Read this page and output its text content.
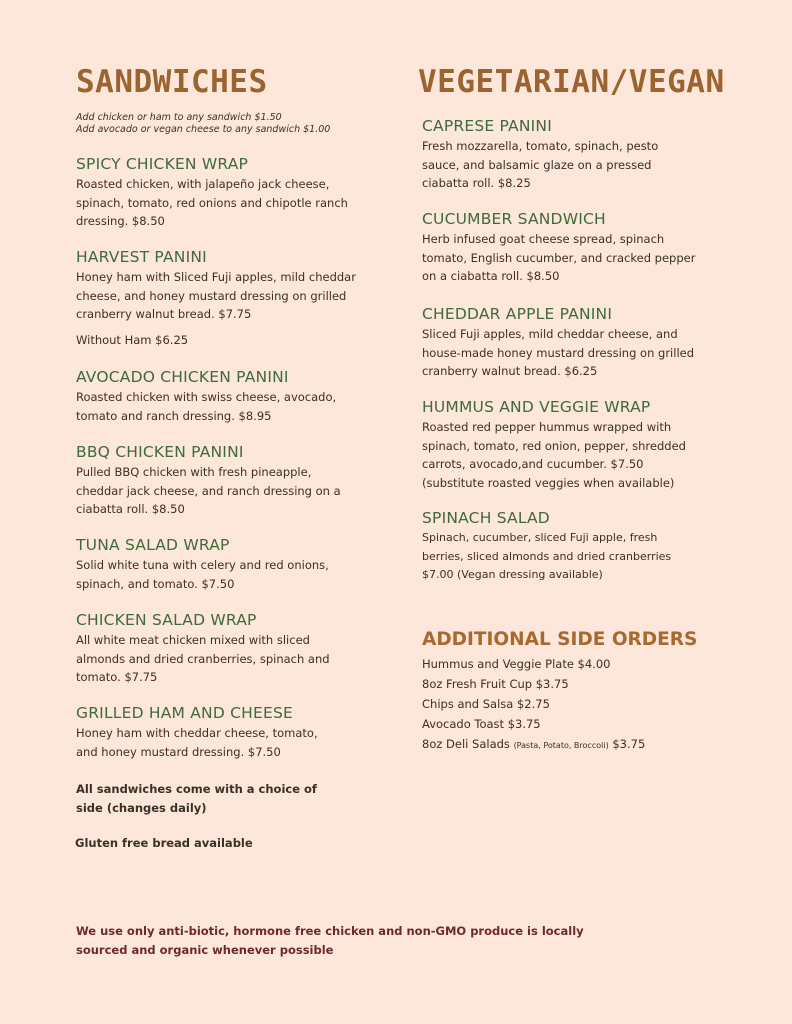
SANDWICHES
Add chicken or ham to any sandwich $1.50
Add avocado or vegan cheese to any sandwich $1.00
SPICY CHICKEN WRAP

Roasted chicken, with jalapeño jack cheese, spinach, tomato, red onions and chipotle ranch dressing. $8.50

HARVEST PANINI

Honey ham with Sliced Fuji apples, mild cheddar cheese, and honey mustard dressing on grilled cranberry walnut bread. $7.75

Without Ham $6.25

AVOCADO CHICKEN PANINI

Roasted chicken with swiss cheese, avocado, tomato and ranch dressing. $8.95

BBQ CHICKEN PANINI

Pulled BBQ chicken with fresh pineapple, cheddar jack cheese, and ranch dressing on a ciabatta roll. $8.50

TUNA SALAD WRAP

Solid white tuna with celery and red onions, spinach, and tomato. $7.50

CHICKEN SALAD WRAP

All white meat chicken mixed with sliced almonds and dried cranberries, spinach and tomato. $7.75

GRILLED HAM AND CHEESE

Honey ham with cheddar cheese, tomato, and honey mustard dressing. $7.50

All sandwiches come with a choice of side (changes daily)
Gluten free bread available
VEGETARIAN/VEGAN
CAPRESE PANINI

Fresh mozzarella, tomato, spinach, pesto sauce, and balsamic glaze on a pressed ciabatta roll. $8.25

CUCUMBER SANDWICH

Herb infused goat cheese spread, spinach tomato, English cucumber, and cracked pepper on a ciabatta roll. $8.50

CHEDDAR APPLE PANINI

Sliced Fuji apples, mild cheddar cheese, and house-made honey mustard dressing on grilled cranberry walnut bread. $6.25

HUMMUS AND VEGGIE WRAP

Roasted red pepper hummus wrapped with spinach, tomato, red onion, pepper, shredded carrots, avocado,and cucumber. $7.50 (substitute roasted veggies when available)

SPINACH SALAD

Spinach, cucumber, sliced Fuji apple, fresh berries, sliced almonds and dried cranberries $7.00 (Vegan dressing available)

ADDITIONAL SIDE ORDERS
Hummus and Veggie Plate $4.00
8oz Fresh Fruit Cup $3.75
Chips and Salsa $2.75
Avocado Toast $3.75
8oz Deli Salads (Pasta, Potato, Broccoli) $3.75
We use only anti-biotic, hormone free chicken and non-GMO produce is locally sourced and organic whenever possible
